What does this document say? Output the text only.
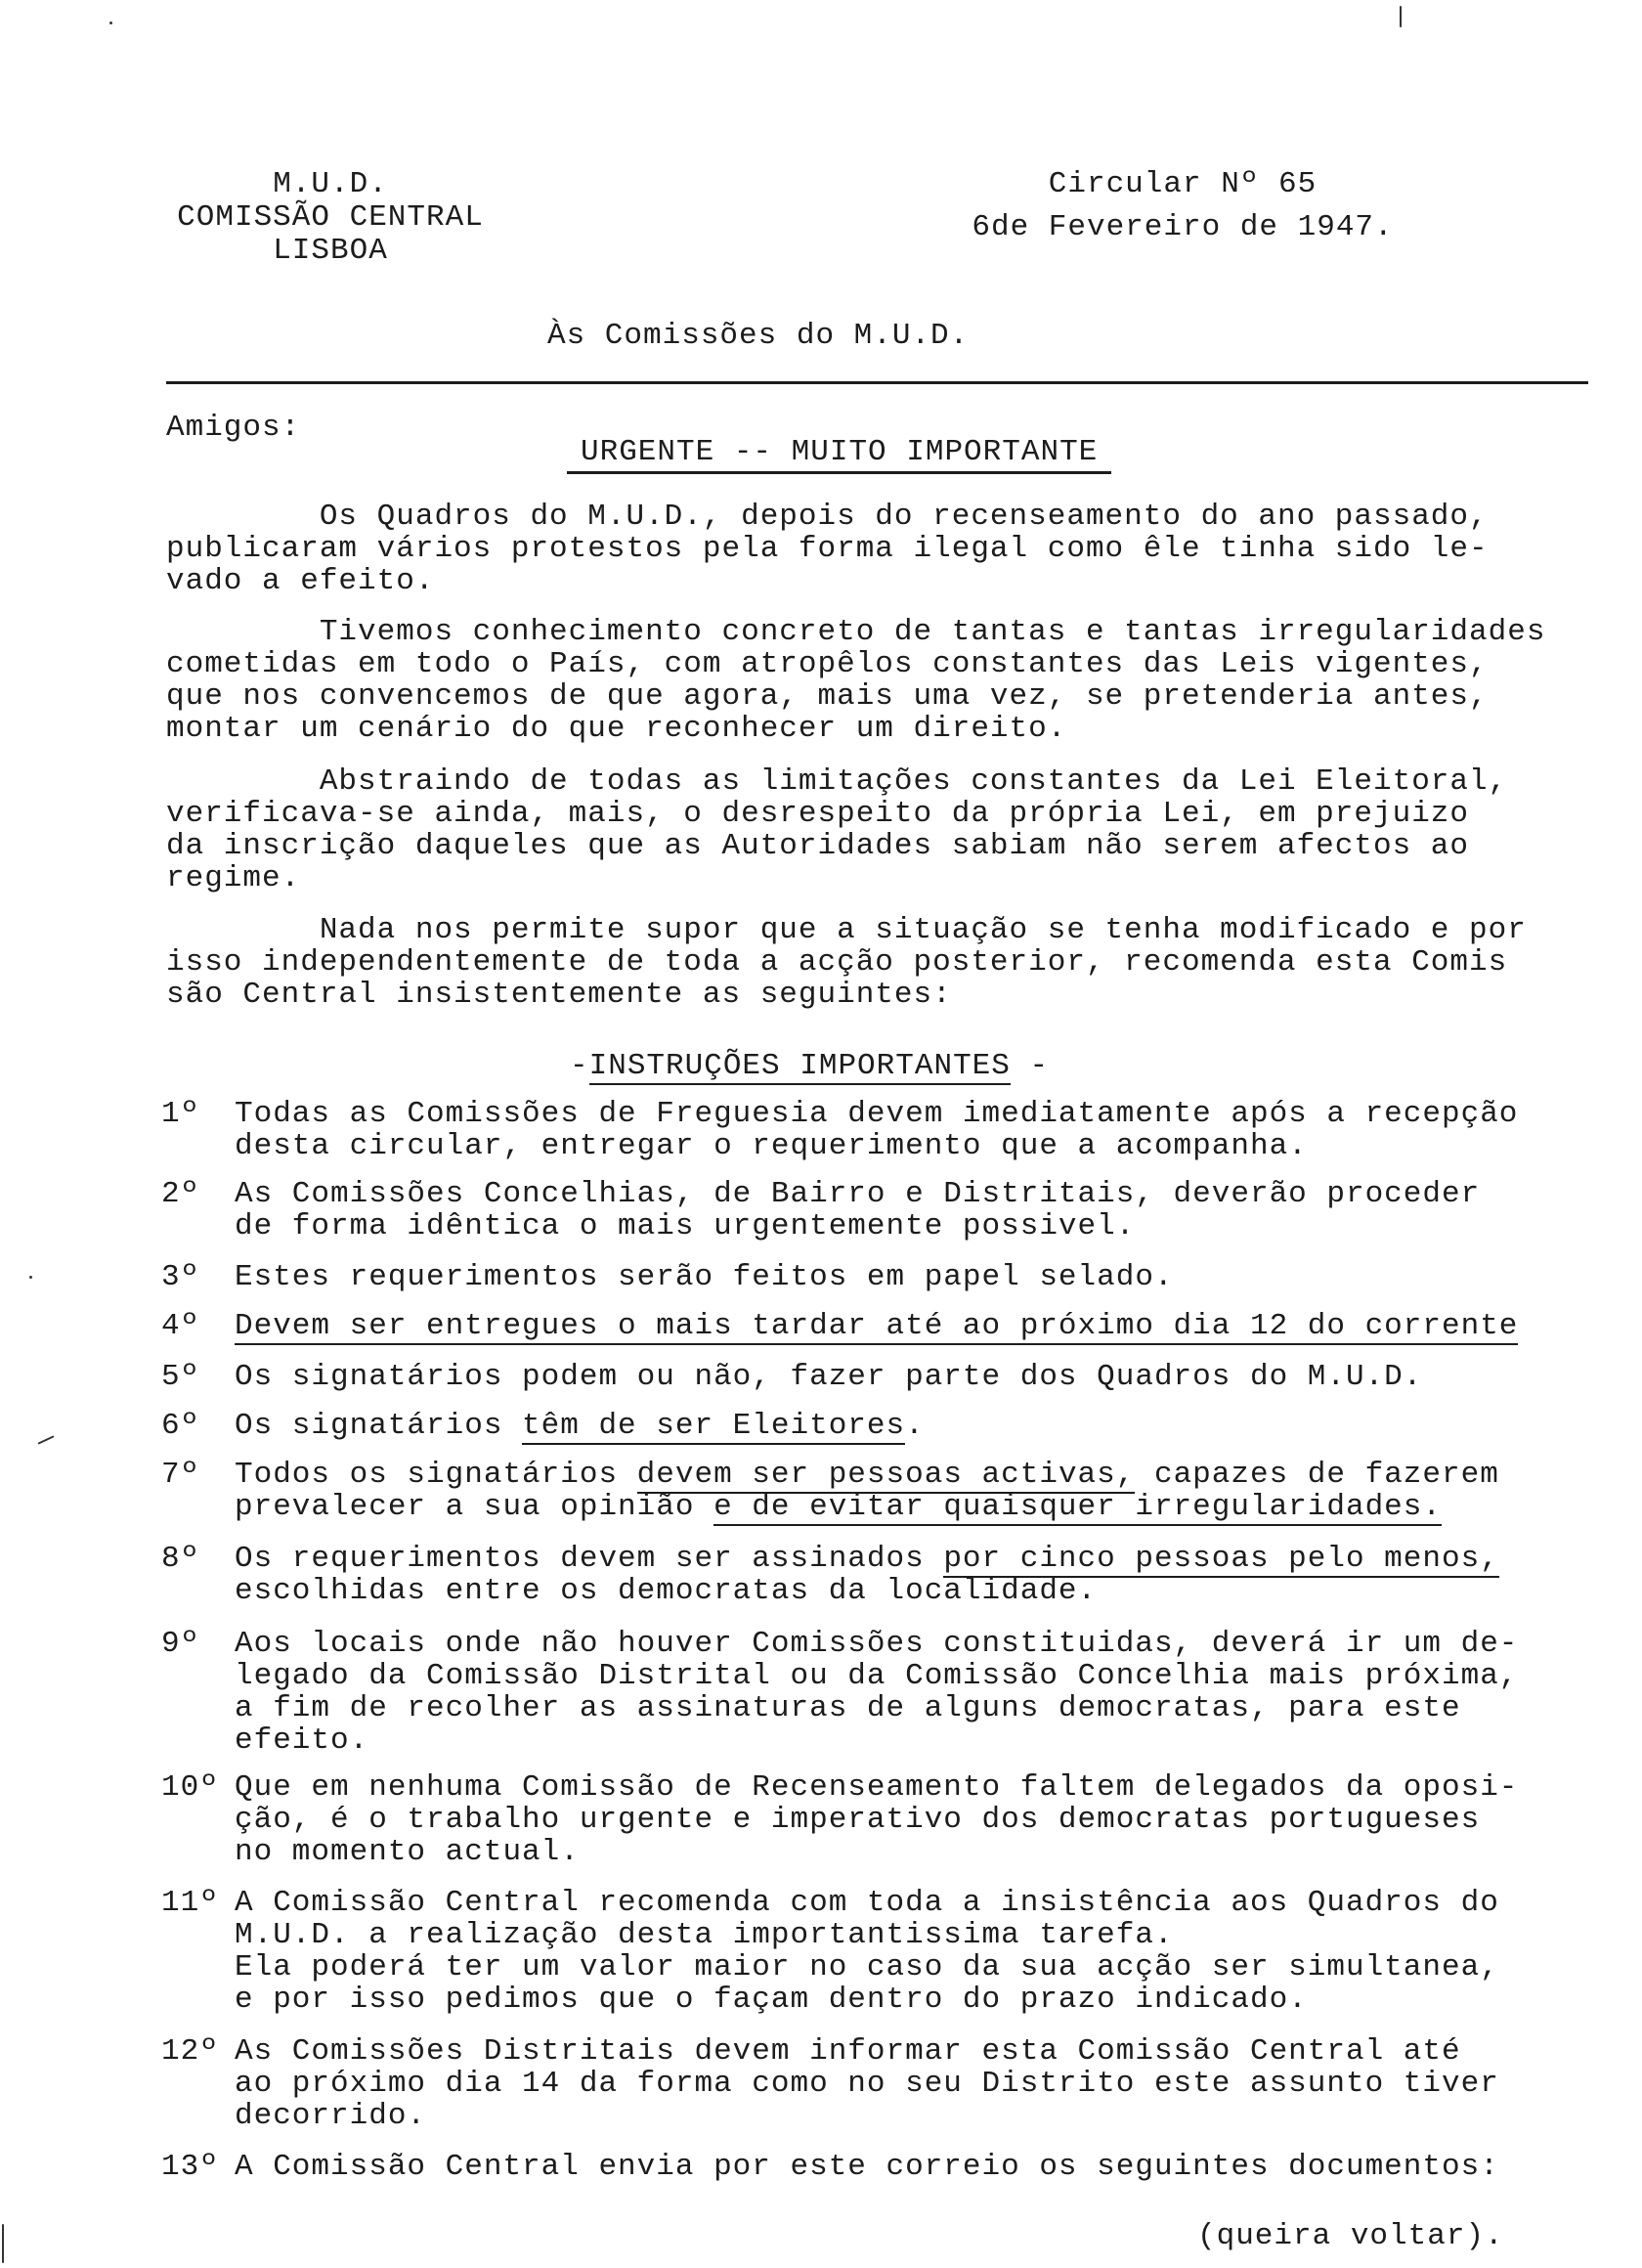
M.U.D.
COMISSÃO CENTRAL
LISBOA
Circular Nº 65
6de Fevereiro de 1947.
Às Comissões do M.U.D.
Amigos:
URGENTE -- MUITO IMPORTANTE
Os Quadros do M.U.D., depois do recenseamento do ano passado,
publicaram vários protestos pela forma ilegal como êle tinha sido le-
vado a efeito.
Tivemos conhecimento concreto de tantas e tantas irregularidades
cometidas em todo o País, com atropêlos constantes das Leis vigentes,
que nos convencemos de que agora, mais uma vez, se pretenderia antes,
montar um cenário do que reconhecer um direito.
Abstraindo de todas as limitações constantes da Lei Eleitoral,
verificava-se ainda, mais, o desrespeito da própria Lei, em prejuizo
da inscrição daqueles que as Autoridades sabiam não serem afectos ao
regime.
Nada nos permite supor que a situação se tenha modificado e por
isso independentemente de toda a acção posterior, recomenda esta Comis
são Central insistentemente as seguintes:
-INSTRUÇÕES IMPORTANTES -
1º	Todas as Comissões de Freguesia devem imediatamente após a recepção
desta circular, entregar o requerimento que a acompanha.
2º	As Comissões Concelhias, de Bairro e Distritais, deverão proceder
de forma idêntica o mais urgentemente possivel.
3º	Estes requerimentos serão feitos em papel selado.
4º	Devem ser entregues o mais tardar até ao próximo dia 12 do corrente
5º	Os signatários podem ou não, fazer parte dos Quadros do M.U.D.
6º	Os signatários têm de ser Eleitores.
7º	Todos os signatários devem ser pessoas activas, capazes de fazerem
prevalecer a sua opinião e de evitar quaisquer irregularidades.
8º	Os requerimentos devem ser assinados por cinco pessoas pelo menos,
escolhidas entre os democratas da localidade.
9º	Aos locais onde não houver Comissões constituidas, deverá ir um de-
legado da Comissão Distrital ou da Comissão Concelhia mais próxima,
a fim de recolher as assinaturas de alguns democratas, para este
efeito.
10º Que em nenhuma Comissão de Recenseamento faltem delegados da oposi-
ção, é o trabalho urgente e imperativo dos democratas portugueses
no momento actual.
11º A Comissão Central recomenda com toda a insistência aos Quadros do
M.U.D. a realização desta importantissima tarefa.
Ela poderá ter um valor maior no caso da sua acção ser simultanea,
e por isso pedimos que o façam dentro do prazo indicado.
12º As Comissões Distritais devem informar esta Comissão Central até
ao próximo dia 14 da forma como no seu Distrito este assunto tiver
decorrido.
13º A Comissão Central envia por este correio os seguintes documentos:
(queira voltar).
